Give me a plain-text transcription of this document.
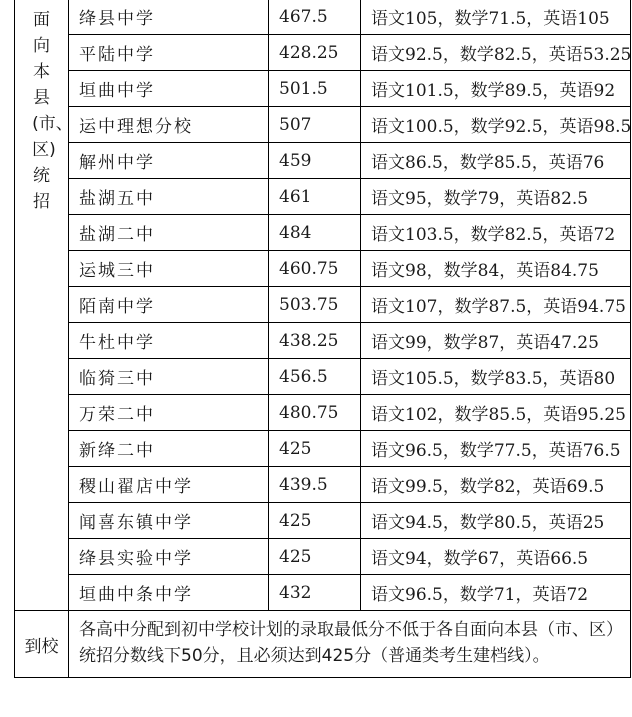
面向本县(市、区)统招	绛县中学	467.5	语文105，数学71.5，英语105
	平陆中学	428.25	语文92.5，数学82.5，英语53.25
	垣曲中学	501.5	语文101.5，数学89.5，英语92
	运中理想分校	507	语文100.5，数学92.5，英语98.5
	解州中学	459	语文86.5，数学85.5，英语76
	盐湖五中	461	语文95，数学79，英语82.5
	盐湖二中	484	语文103.5，数学82.5，英语72
	运城三中	460.75	语文98，数学84，英语84.75
	陌南中学	503.75	语文107，数学87.5，英语94.75
	牛杜中学	438.25	语文99，数学87，英语47.25
	临猗三中	456.5	语文105.5，数学83.5，英语80
	万荣二中	480.75	语文102，数学85.5，英语95.25
	新绛二中	425	语文96.5，数学77.5，英语76.5
	稷山翟店中学	439.5	语文99.5，数学82，英语69.5
	闻喜东镇中学	425	语文94.5，数学80.5，英语25
	绛县实验中学	425	语文94，数学67，英语66.5
	垣曲中条中学	432	语文96.5，数学71，英语72
到校	各高中分配到初中学校计划的录取最低分不低于各自面向本县（市、区）统招分数线下50分，且必须达到425分（普通类考生建档线）。		
